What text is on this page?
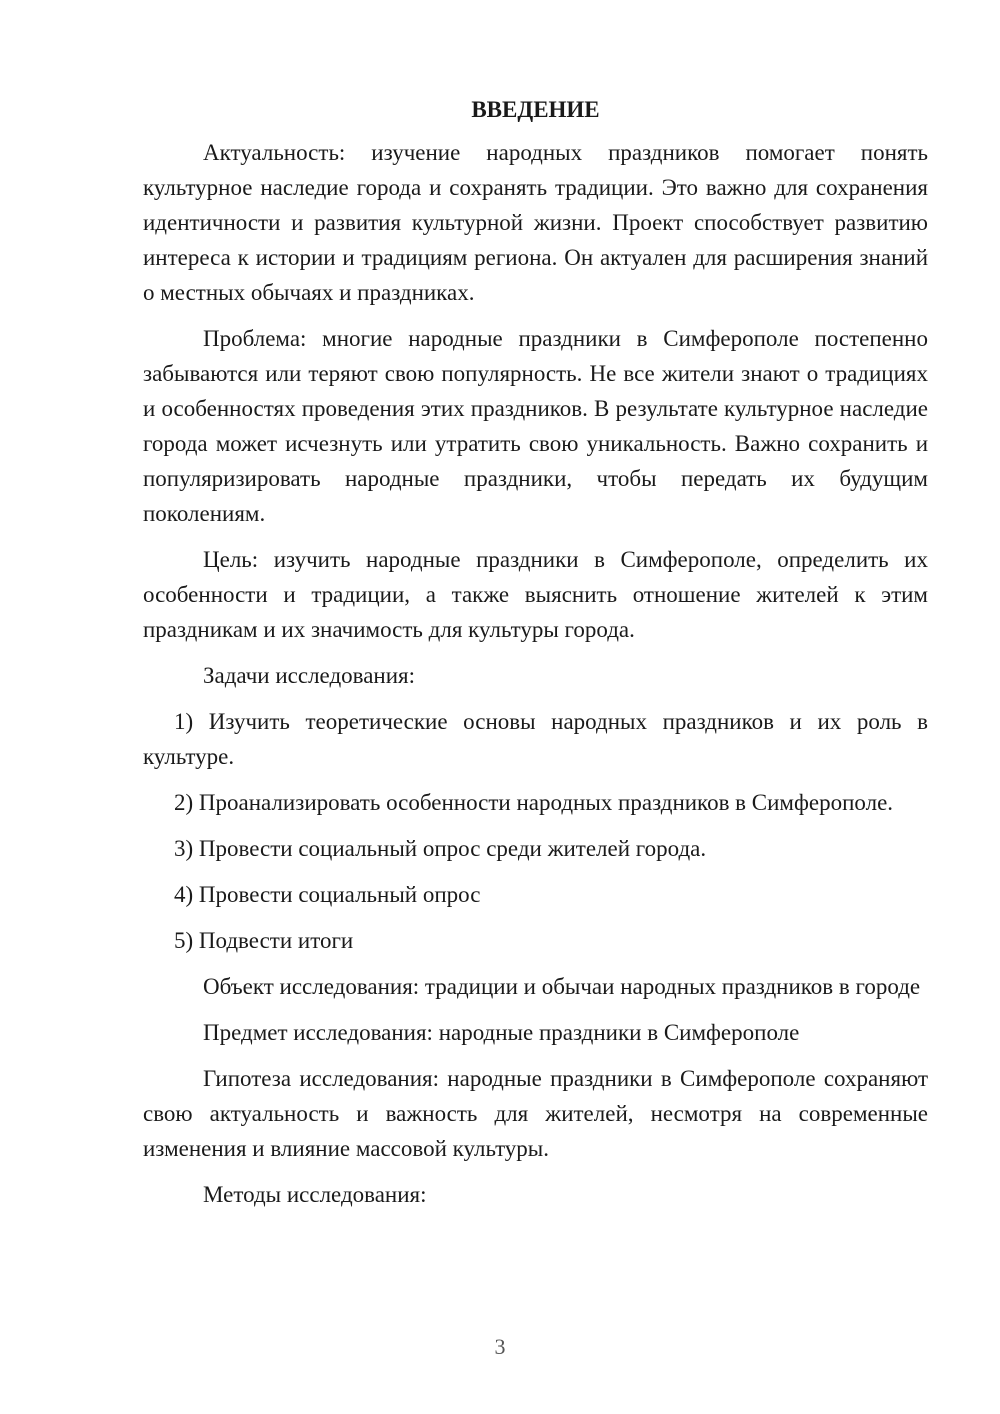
ВВЕДЕНИЕ

Актуальность: изучение народных праздников помогает понять культурное наследие города и сохранять традиции. Это важно для сохранения идентичности и развития культурной жизни. Проект способствует развитию интереса к истории и традициям региона. Он актуален для расширения знаний о местных обычаях и праздниках.

Проблема: многие народные праздники в Симферополе постепенно забываются или теряют свою популярность. Не все жители знают о традициях и особенностях проведения этих праздников. В результате культурное наследие города может исчезнуть или утратить свою уникальность. Важно сохранить и популяризировать народные праздники, чтобы передать их будущим поколениям.

Цель: изучить народные праздники в Симферополе, определить их особенности и традиции, а также выяснить отношение жителей к этим праздникам и их значимость для культуры города.

Задачи исследования:

1) Изучить теоретические основы народных праздников и их роль в культуре.

2) Проанализировать особенности народных праздников в Симферополе.

3) Провести социальный опрос среди жителей города.

4) Провести социальный опрос

5) Подвести итоги

Объект исследования: традиции и обычаи народных праздников в городе

Предмет исследования: народные праздники в Симферополе

Гипотеза исследования: народные праздники в Симферополе сохраняют свою актуальность и важность для жителей, несмотря на современные изменения и влияние массовой культуры.

Методы исследования:

3
